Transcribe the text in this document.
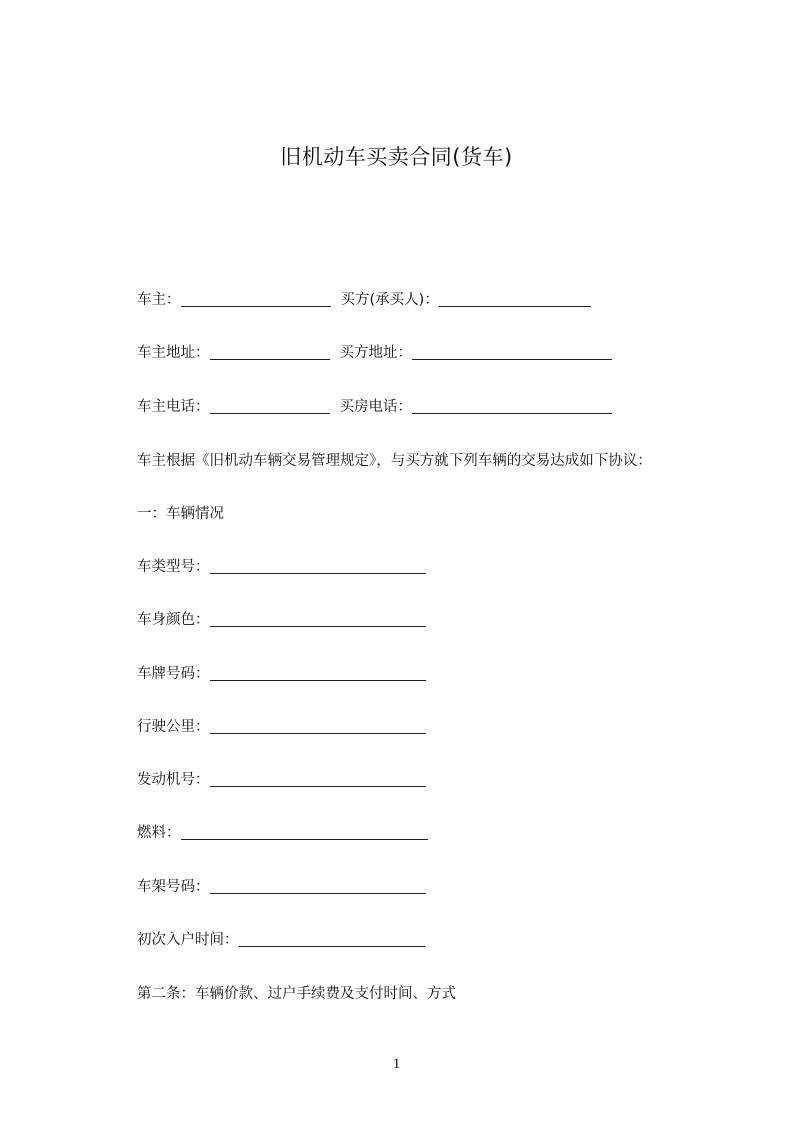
旧机动车买卖合同(货车)
车主：	买方(承买人)：
车主地址：	买方地址：
车主电话：	买房电话：
车主根据《旧机动车辆交易管理规定》，与买方就下列车辆的交易达成如下协议：
一：车辆情况
车类型号：
车身颜色：
车牌号码：
行驶公里：
发动机号：
燃料：
车架号码：
初次入户时间：
第二条：车辆价款、过户手续费及支付时间、方式
1
